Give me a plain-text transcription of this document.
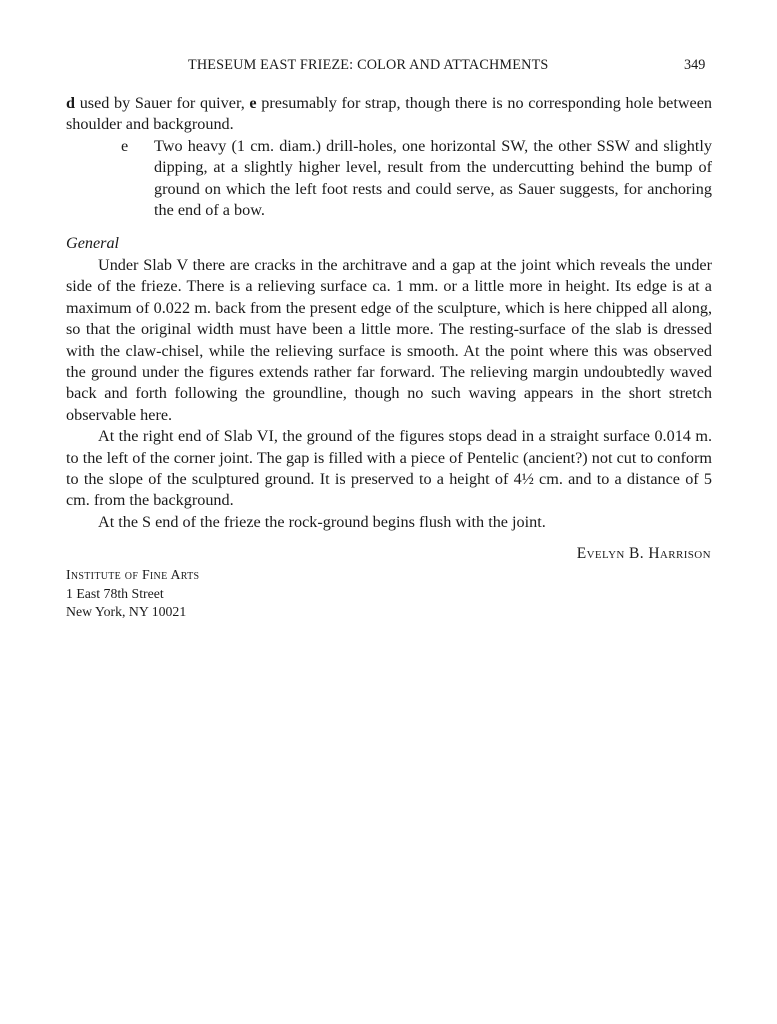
THESEUM EAST FRIEZE: COLOR AND ATTACHMENTS	349

d used by Sauer for quiver, e presumably for strap, though there is no corresponding hole between shoulder and background.

e	Two heavy (1 cm. diam.) drill-holes, one horizontal SW, the other SSW and slightly dipping, at a slightly higher level, result from the undercutting behind the bump of ground on which the left foot rests and could serve, as Sauer suggests, for anchoring the end of a bow.
General

Under Slab V there are cracks in the architrave and a gap at the joint which reveals the under side of the frieze. There is a relieving surface ca. 1 mm. or a little more in height. Its edge is at a maximum of 0.022 m. back from the present edge of the sculpture, which is here chipped all along, so that the original width must have been a little more. The resting-surface of the slab is dressed with the claw-chisel, while the relieving surface is smooth. At the point where this was observed the ground under the figures extends rather far forward. The relieving margin undoubtedly waved back and forth following the groundline, though no such waving appears in the short stretch observable here.

At the right end of Slab VI, the ground of the figures stops dead in a straight surface 0.014 m. to the left of the corner joint. The gap is filled with a piece of Pentelic (ancient?) not cut to conform to the slope of the sculptured ground. It is preserved to a height of 4½ cm. and to a distance of 5 cm. from the background.

At the S end of the frieze the rock-ground begins flush with the joint.

Evelyn B. Harrison
Institute of Fine Arts
1 East 78th Street
New York, NY 10021
